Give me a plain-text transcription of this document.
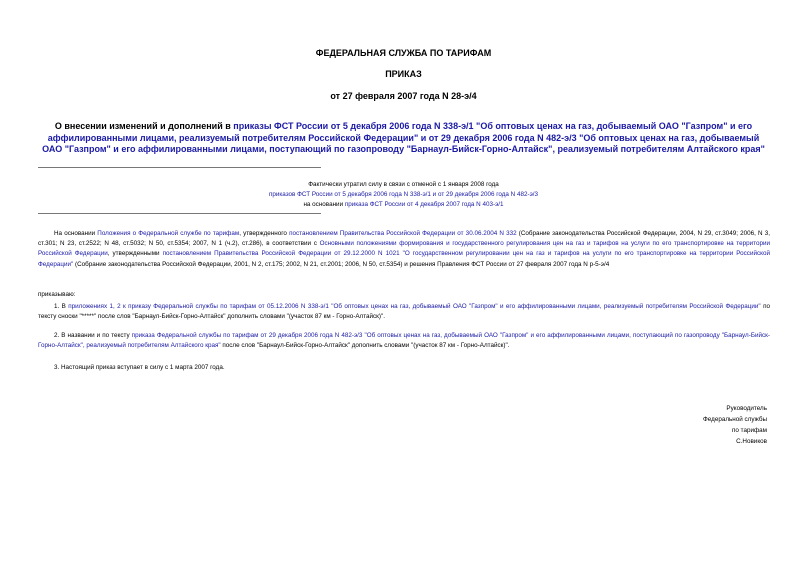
ФЕДЕРАЛЬНАЯ СЛУЖБА ПО ТАРИФАМ
ПРИКАЗ
от 27 февраля 2007 года N 28-э/4
О внесении изменений и дополнений в приказы ФСТ России от 5 декабря 2006 года N 338-э/1 "Об оптовых ценах на газ, добываемый ОАО "Газпром" и его аффилированными лицами, реализуемый потребителям Российской Федерации" и от 29 декабря 2006 года N 482-э/3 "Об оптовых ценах на газ, добываемый ОАО "Газпром" и его аффилированными лицами, поступающий по газопроводу "Барнаул-Бийск-Горно-Алтайск", реализуемый потребителям Алтайского края"
Фактически утратил силу в связи с отменой с 1 января 2008 года
приказов ФСТ России от 5 декабря 2006 года N 338-э/1 и от 29 декабря 2006 года N 482-э/3
на основании приказа ФСТ России от 4 декабря 2007 года N 403-э/1
На основании Положения о Федеральной службе по тарифам, утвержденного постановлением Правительства Российской Федерации от 30.06.2004 N 332 (Собрание законодательства Российской Федерации, 2004, N 29, ст.3049; 2006, N 3, ст.301; N 23, ст.2522; N 48, ст.5032; N 50, ст.5354; 2007, N 1 (ч.2), ст.286), в соответствии с Основными положениями формирования и государственного регулирования цен на газ и тарифов на услуги по его транспортировке на территории Российской Федерации, утвержденными постановлением Правительства Российской Федерации от 29.12.2000 N 1021 "О государственном регулировании цен на газ и тарифов на услуги по его транспортировке на территории Российской Федерации" (Собрание законодательства Российской Федерации, 2001, N 2, ст.175; 2002, N 21, ст.2001; 2006, N 50, ст.5354) и решения Правления ФСТ России от 27 февраля 2007 года N р-5-э/4
приказываю:
1. В приложениях 1, 2 к приказу Федеральной службы по тарифам от 05.12.2006 N 338-э/1 "Об оптовых ценах на газ, добываемый ОАО "Газпром" и его аффилированными лицами, реализуемый потребителям Российской Федерации" по тексту сноски "*****" после слов "Барнаул-Бийск-Горно-Алтайск" дополнить словами "(участок 87 км - Горно-Алтайск)".
2. В названии и по тексту приказа Федеральной службы по тарифам от 29 декабря 2006 года N 482-э/3 "Об оптовых ценах на газ, добываемый ОАО "Газпром" и его аффилированными лицами, поступающий по газопроводу "Барнаул-Бийск-Горно-Алтайск", реализуемый потребителям Алтайского края" после слов "Барнаул-Бийск-Горно-Алтайск" дополнить словами "(участок 87 км - Горно-Алтайск)".
3. Настоящий приказ вступает в силу с 1 марта 2007 года.
Руководитель
Федеральной службы
по тарифам
С.Новиков
